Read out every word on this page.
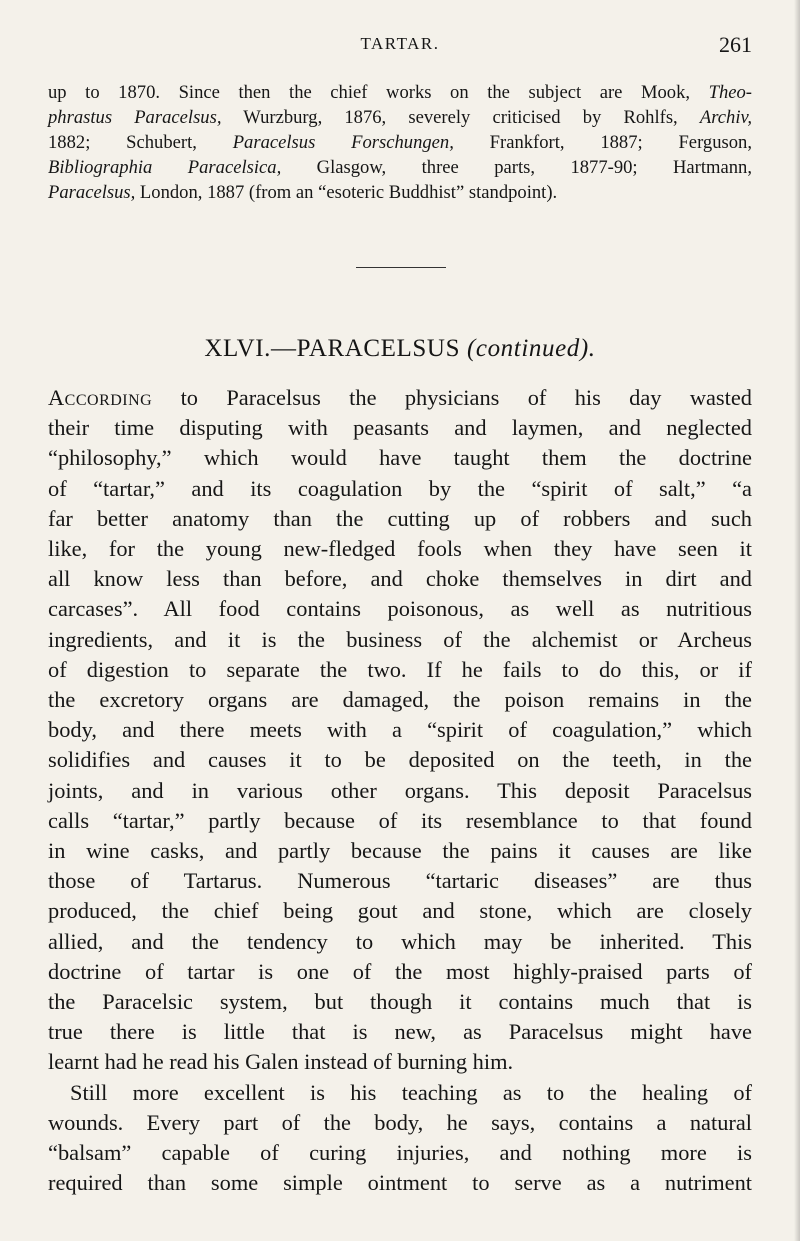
TARTAR.	261
up to 1870. Since then the chief works on the subject are Mook, Theo-
phrastus Paracelsus, Wurzburg, 1876, severely criticised by Rohlfs, Archiv,
1882; Schubert, Paracelsus Forschungen, Frankfort, 1887; Ferguson,
Bibliographia Paracelsica, Glasgow, three parts, 1877-90; Hartmann,
Paracelsus, London, 1887 (from an “esoteric Buddhist” standpoint).
XLVI.—PARACELSUS (continued).
According to Paracelsus the physicians of his day wasted
their time disputing with peasants and laymen, and neglected
“philosophy,” which would have taught them the doctrine
of “tartar,” and its coagulation by the “spirit of salt,” “a
far better anatomy than the cutting up of robbers and such
like, for the young new-fledged fools when they have seen it
all know less than before, and choke themselves in dirt and
carcases”. All food contains poisonous, as well as nutritious
ingredients, and it is the business of the alchemist or Archeus
of digestion to separate the two. If he fails to do this, or if
the excretory organs are damaged, the poison remains in the
body, and there meets with a “spirit of coagulation,” which
solidifies and causes it to be deposited on the teeth, in the
joints, and in various other organs. This deposit Paracelsus
calls “tartar,” partly because of its resemblance to that found
in wine casks, and partly because the pains it causes are like
those of Tartarus. Numerous “tartaric diseases” are thus
produced, the chief being gout and stone, which are closely
allied, and the tendency to which may be inherited. This
doctrine of tartar is one of the most highly-praised parts of
the Paracelsic system, but though it contains much that is
true there is little that is new, as Paracelsus might have
learnt had he read his Galen instead of burning him.
Still more excellent is his teaching as to the healing of
wounds. Every part of the body, he says, contains a natural
“balsam” capable of curing injuries, and nothing more is
required than some simple ointment to serve as a nutriment
